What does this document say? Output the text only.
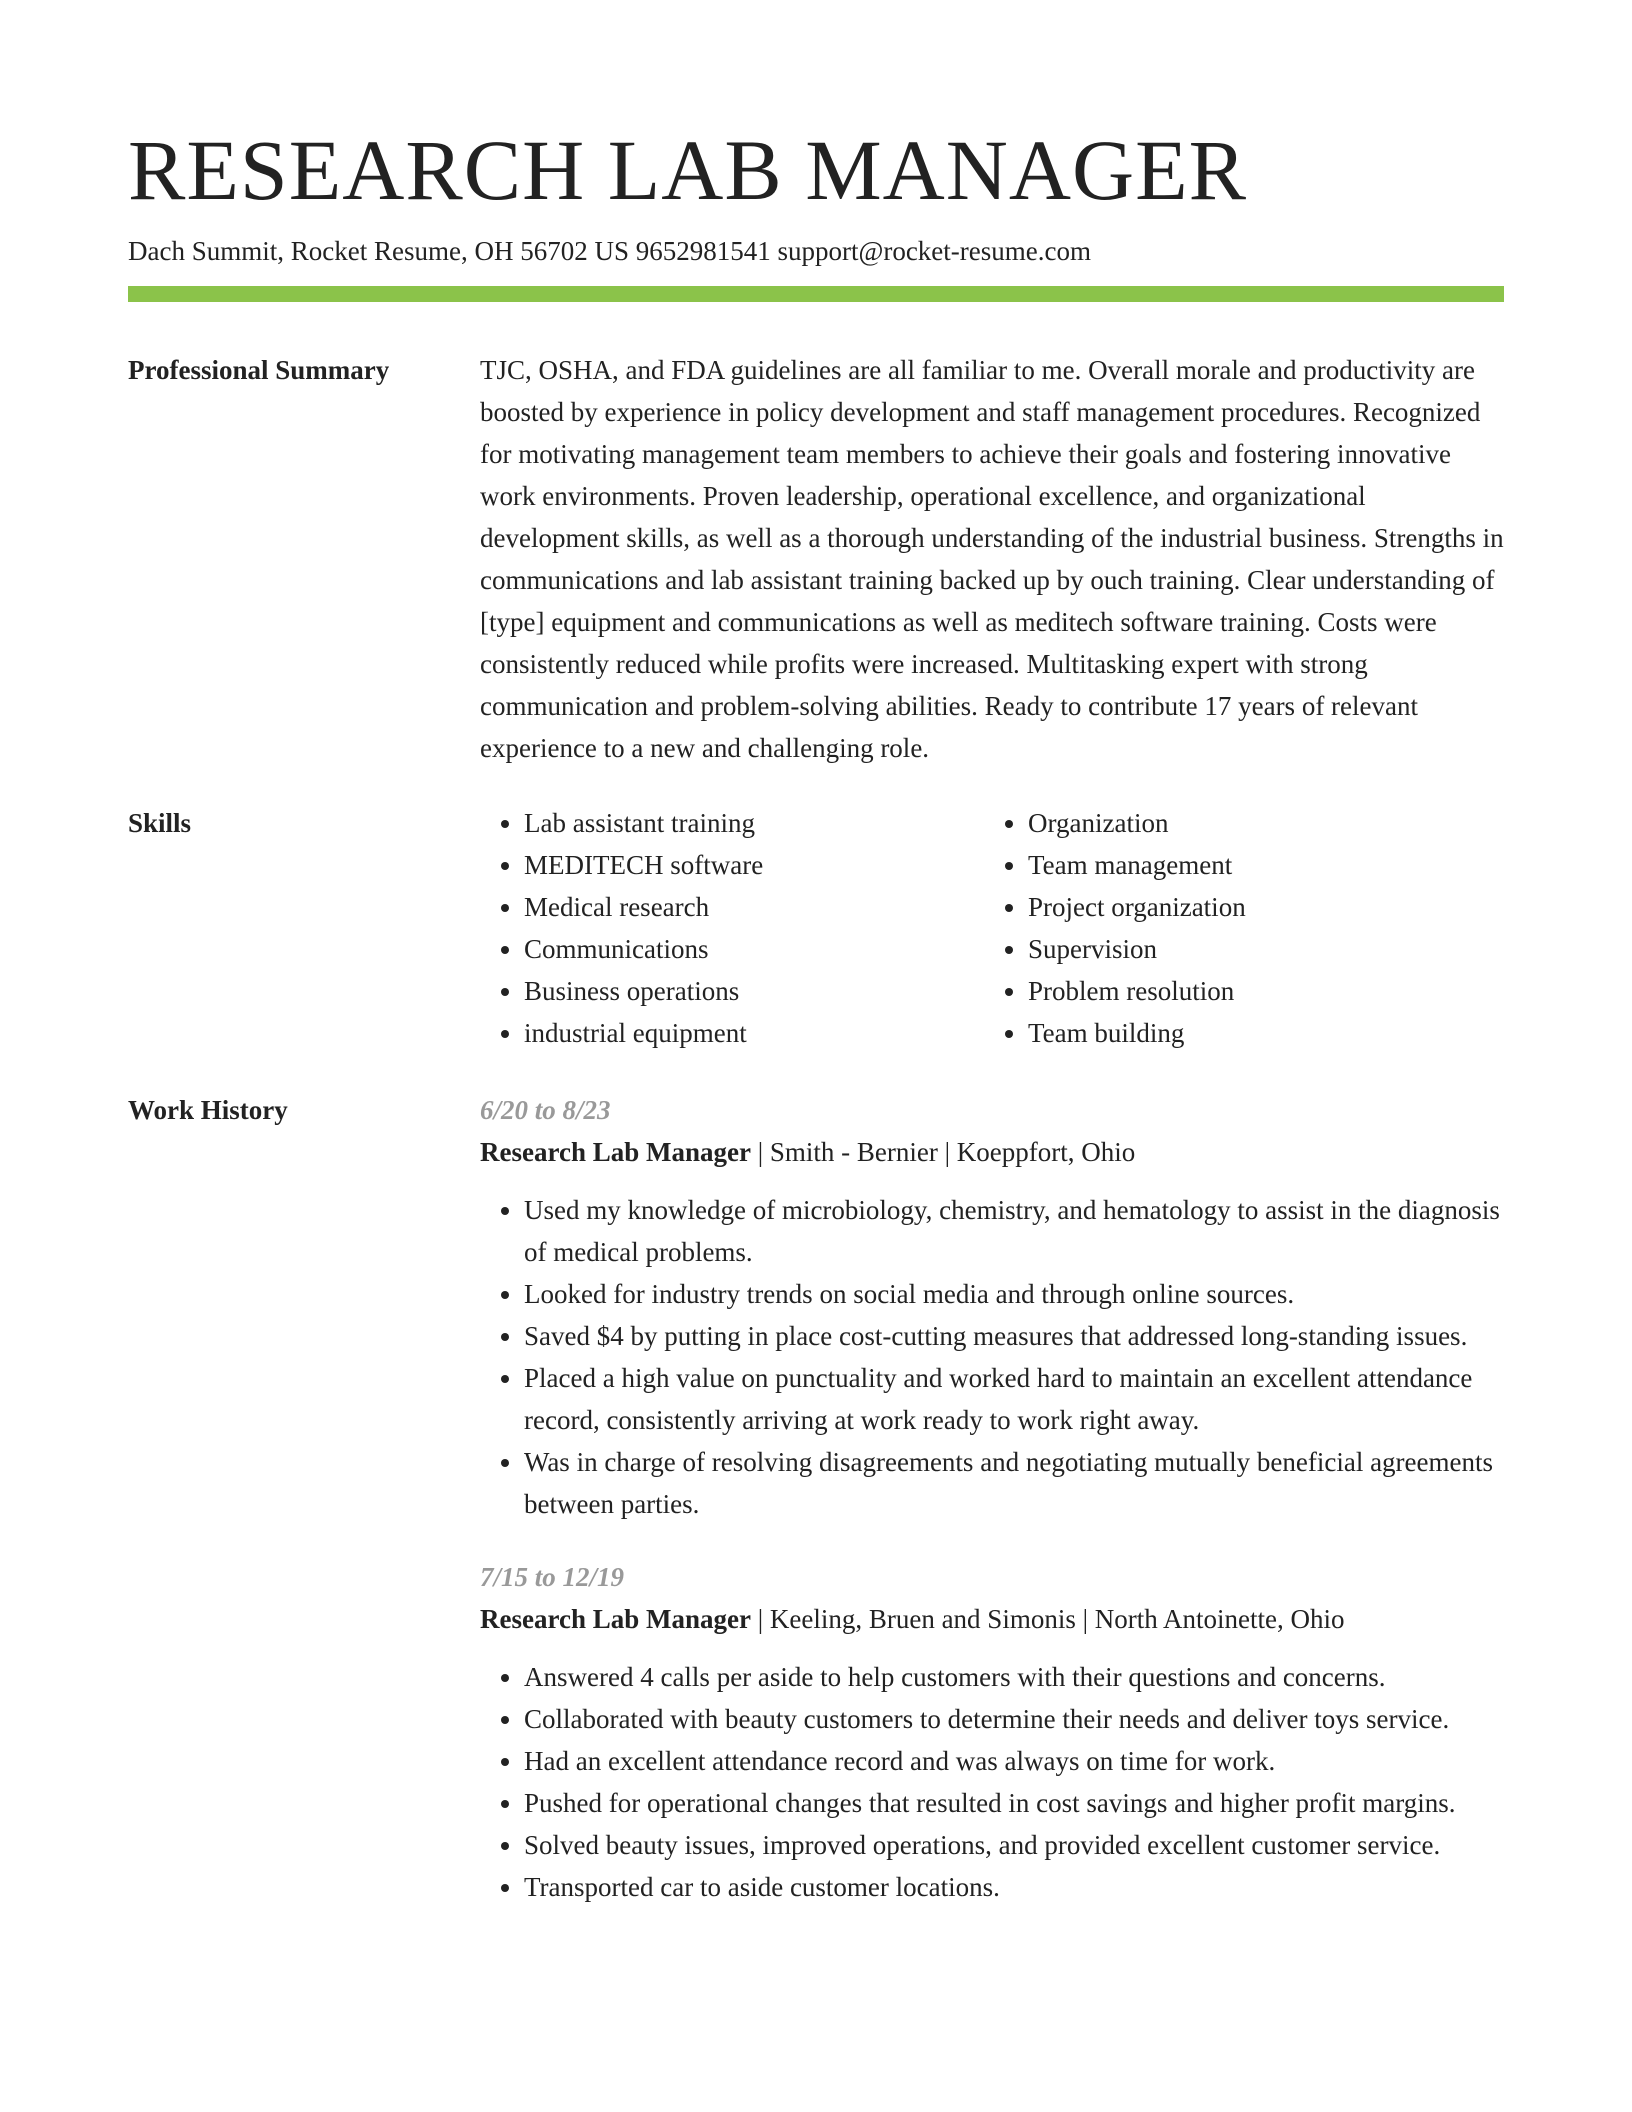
RESEARCH LAB MANAGER
Dach Summit, Rocket Resume, OH 56702 US 9652981541 support@rocket-resume.com
Professional Summary	TJC, OSHA, and FDA guidelines are all familiar to me. Overall morale and productivity are boosted by experience in policy development and staff management procedures. Recognized for motivating management team members to achieve their goals and fostering innovative work environments. Proven leadership, operational excellence, and organizational development skills, as well as a thorough understanding of the industrial business. Strengths in communications and lab assistant training backed up by ouch training. Clear understanding of [type] equipment and communications as well as meditech software training. Costs were consistently reduced while profits were increased. Multitasking expert with strong communication and problem-solving abilities. Ready to contribute 17 years of relevant experience to a new and challenging role.
Skills
•	Lab assistant training
• MEDITECH software
• Medical research
• Communications
• Business operations
• industrial equipment
• Organization
• Team management
• Project organization
• Supervision
• Problem resolution
• Team building
Work History	6/20 to 8/23
Research Lab Manager | Smith - Bernier | Koeppfort, Ohio
• Used my knowledge of microbiology, chemistry, and hematology to assist in the diagnosis of medical problems.
• Looked for industry trends on social media and through online sources.
• Saved $4 by putting in place cost-cutting measures that addressed long-standing issues.
• Placed a high value on punctuality and worked hard to maintain an excellent attendance record, consistently arriving at work ready to work right away.
• Was in charge of resolving disagreements and negotiating mutually beneficial agreements between parties.
7/15 to 12/19
Research Lab Manager | Keeling, Bruen and Simonis | North Antoinette, Ohio
• Answered 4 calls per aside to help customers with their questions and concerns.
• Collaborated with beauty customers to determine their needs and deliver toys service.
• Had an excellent attendance record and was always on time for work.
• Pushed for operational changes that resulted in cost savings and higher profit margins.
• Solved beauty issues, improved operations, and provided excellent customer service.
• Transported car to aside customer locations.
